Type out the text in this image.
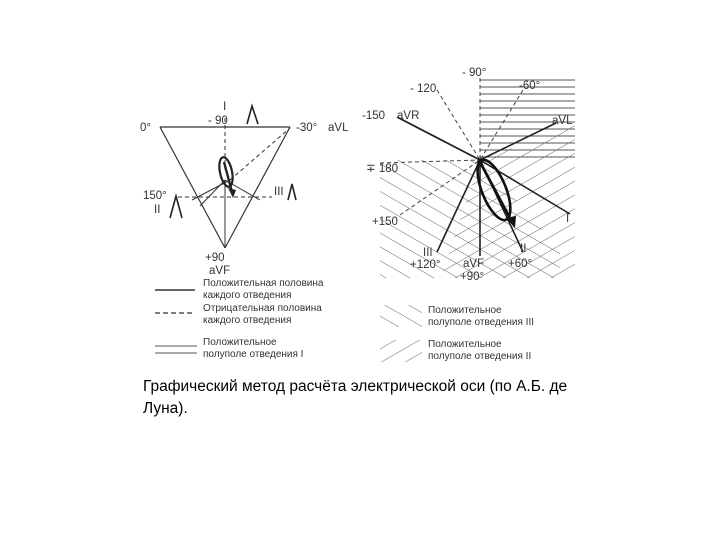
I
0°
- 90
-30° aVL
150°
II
III
+90
aVF
- 90°
- 120	-60°
-150 aVR	aVL
∓ 180
+150	I
III	II
+120° aVF +60°
+90°
Положительная половина
каждого отведения
Отрицательная половина
каждого отведения
Положительное
полуполе отведения I
Положительное
полуполе отведения III
Положительное
полуполе отведения II
Графический метод расчёта электрической оси (по А.Б. де Луна).
